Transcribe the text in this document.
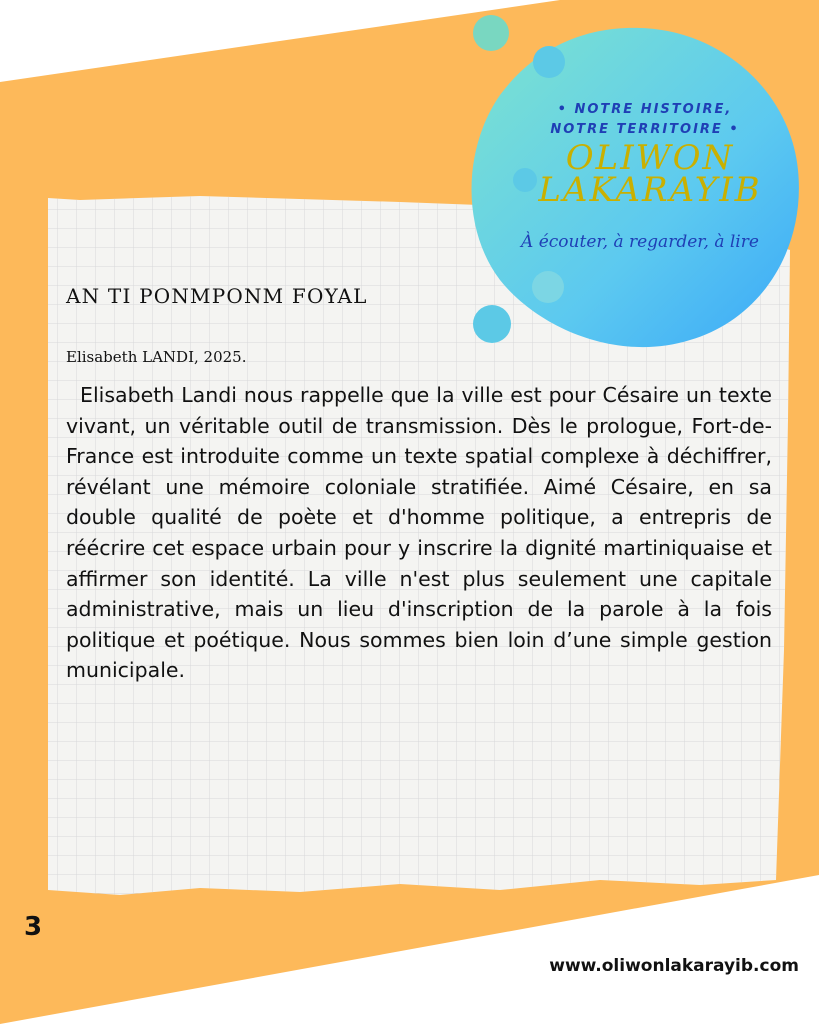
• NOTRE HISTOIRE,
NOTRE TERRITOIRE •
OLIWON
LAKARAYIB
À écouter, à regarder, à lire
AN TI PONMPONM FOYAL
Elisabeth LANDI, 2025.
Elisabeth Landi nous rappelle que la ville est pour Césaire un texte vivant, un véritable outil de transmission. Dès le prologue, Fort-de-France est introduite comme un texte spatial complexe à déchiffrer, révélant une mémoire coloniale stratifiée. Aimé Césaire, en sa double qualité de poète et d'homme politique, a entrepris de réécrire cet espace urbain pour y inscrire la dignité martiniquaise et affirmer son identité. La ville n'est plus seulement une capitale administrative, mais un lieu d'inscription de la parole à la fois politique et poétique. Nous sommes bien loin d’une simple gestion municipale.
3
www.oliwonlakarayib.com
